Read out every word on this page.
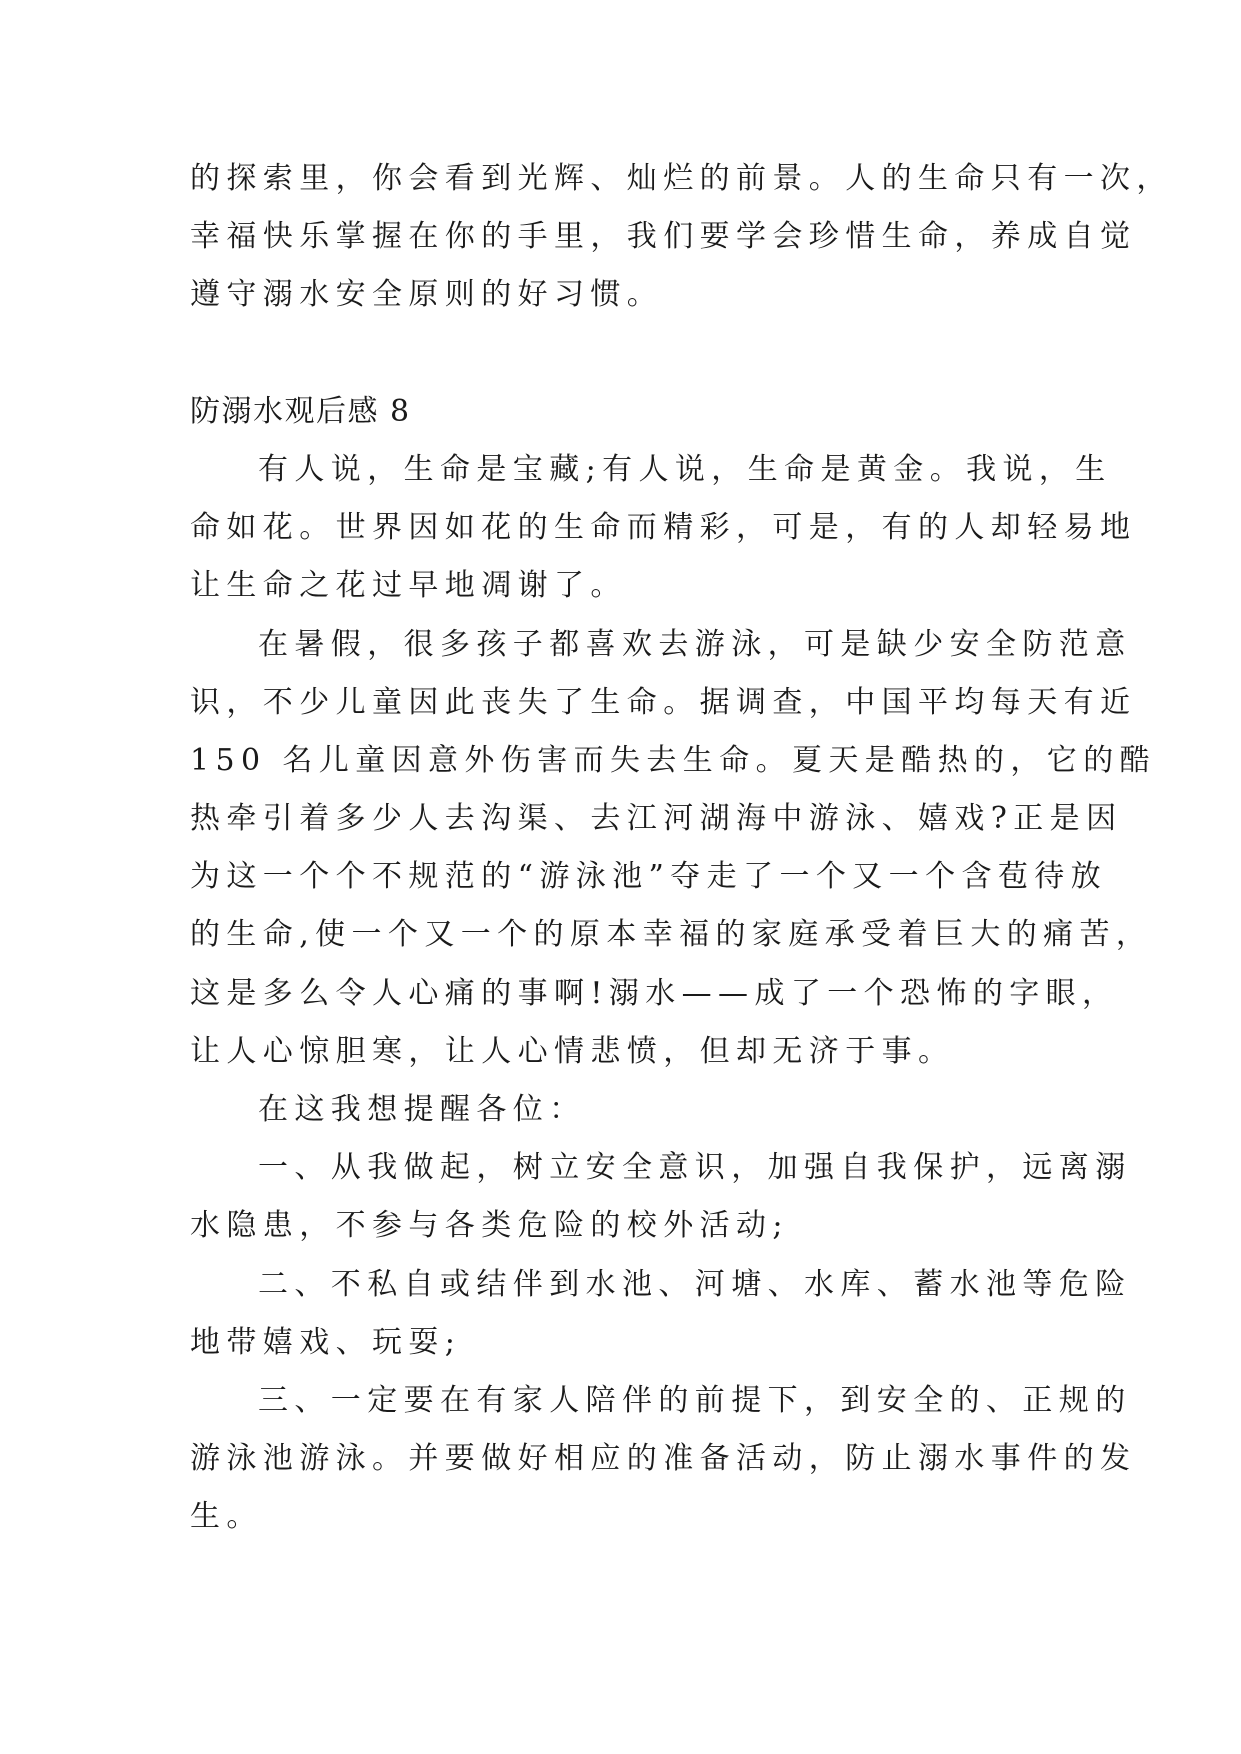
的探索里，你会看到光辉、灿烂的前景。人的生命只有一次，
幸福快乐掌握在你的手里，我们要学会珍惜生命，养成自觉
遵守溺水安全原则的好习惯。
防溺水观后感 8
有人说，生命是宝藏;有人说，生命是黄金。我说，生
命如花。世界因如花的生命而精彩，可是，有的人却轻易地
让生命之花过早地凋谢了。
在暑假，很多孩子都喜欢去游泳，可是缺少安全防范意
识，不少儿童因此丧失了生命。据调查，中国平均每天有近
150 名儿童因意外伤害而失去生命。夏天是酷热的，它的酷
热牵引着多少人去沟渠、去江河湖海中游泳、嬉戏?正是因
为这一个个不规范的“游泳池”夺走了一个又一个含苞待放
的生命,使一个又一个的原本幸福的家庭承受着巨大的痛苦，
这是多么令人心痛的事啊!溺水——成了一个恐怖的字眼，
让人心惊胆寒，让人心情悲愤，但却无济于事。
在这我想提醒各位：
一、从我做起，树立安全意识，加强自我保护，远离溺
水隐患，不参与各类危险的校外活动;
二、不私自或结伴到水池、河塘、水库、蓄水池等危险
地带嬉戏、玩耍;
三、一定要在有家人陪伴的前提下，到安全的、正规的
游泳池游泳。并要做好相应的准备活动，防止溺水事件的发
生。
